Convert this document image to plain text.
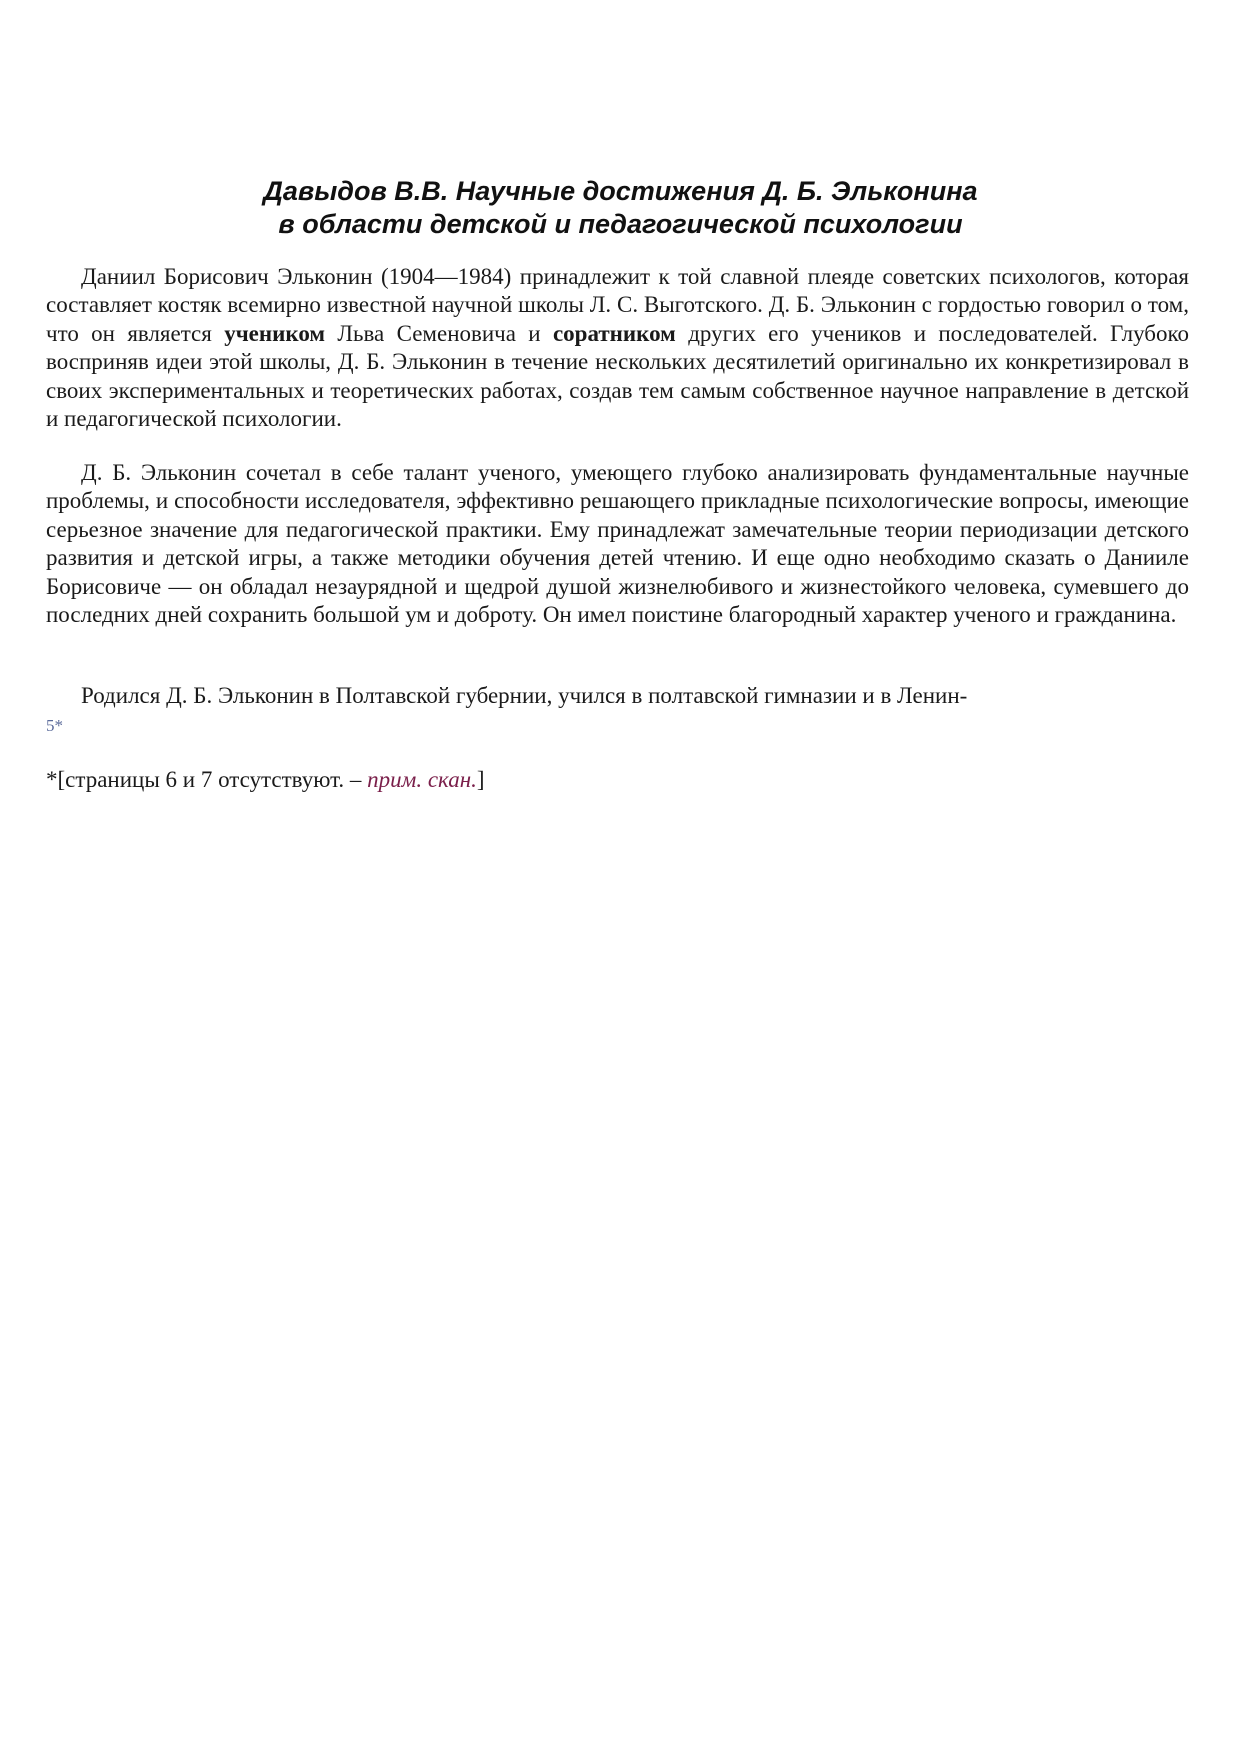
Давыдов В.В. Научные достижения Д. Б. Эльконина
в области детской и педагогической психологии

Даниил Борисович Эльконин (1904—1984) принадлежит к той славной плеяде советских психологов, которая составляет костяк всемирно известной научной школы Л. С. Выготского. Д. Б. Эльконин с гордостью говорил о том, что он является учеником Льва Семеновича и соратником других его учеников и последователей. Глубоко восприняв идеи этой школы, Д. Б. Эльконин в течение нескольких десятилетий оригинально их конкретизировал в своих экспериментальных и теоретических работах, создав тем самым собственное научное направление в детской и педагогической психологии.

Д. Б. Эльконин сочетал в себе талант ученого, умеющего глубоко анализировать фундаментальные научные проблемы, и способности исследователя, эффективно решающего прикладные психологические вопросы, имеющие серьезное значение для педагогической практики. Ему принадлежат замечательные теории периодизации детского развития и детской игры, а также методики обучения детей чтению. И еще одно необходимо сказать о Данииле Борисовиче — он обладал незаурядной и щедрой душой жизнелюбивого и жизнестойкого человека, сумевшего до последних дней сохранить большой ум и доброту. Он имел поистине благородный характер ученого и гражданина.

Родился Д. Б. Эльконин в Полтавской губернии, учился в полтавской гимназии и в Ленин-

5*
*[страницы 6 и 7 отсутствуют. – прим. скан.]
